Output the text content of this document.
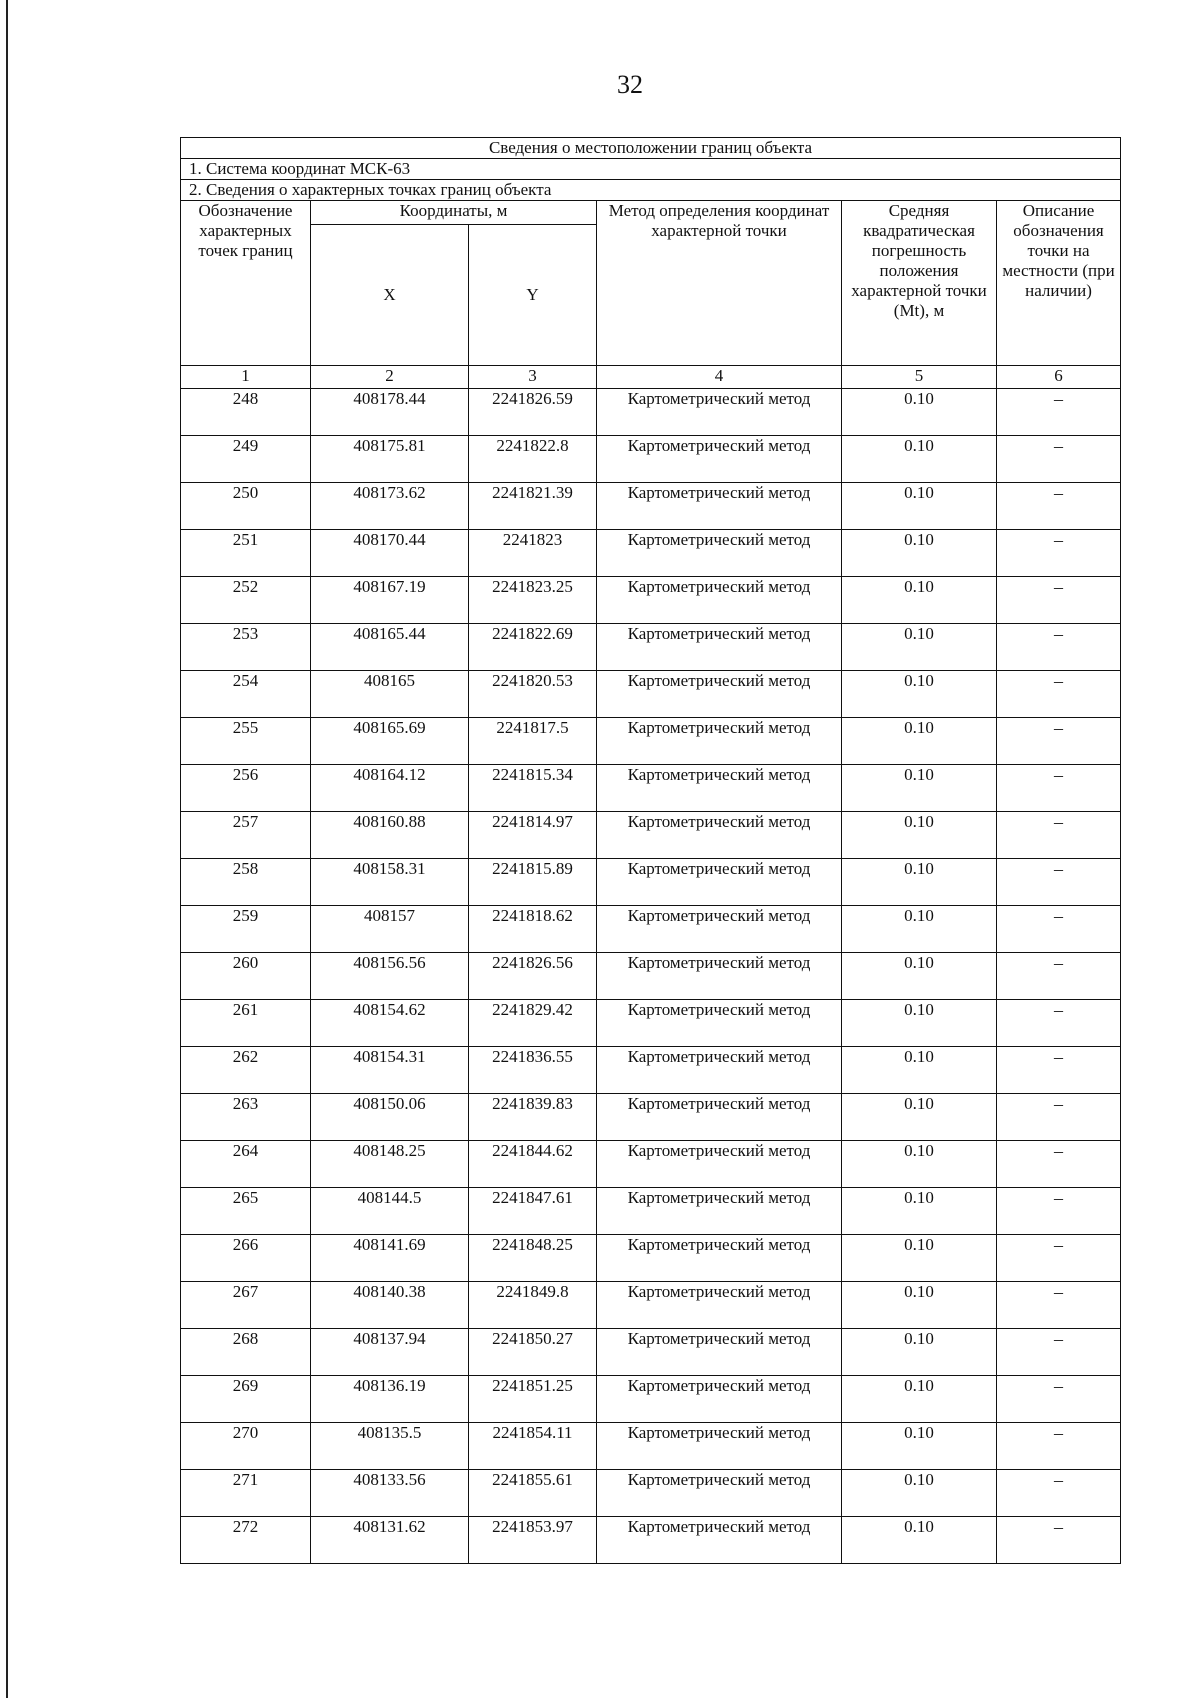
32
Сведения о местоположении границ объекта					
1. Система координат МСК-63					
2. Сведения о характерных точках границ объекта					
Обозначение характерных точек границ	Координаты, м		Метод определения координат характерной точки	Средняя квадратическая погрешность положения характерной точки (Mt), м	Описание обозначения точки на местности (при наличии)
	X	Y			
1	2	3	4	5	6
248	408178.44	2241826.59	Картометрический метод	0.10	–
249	408175.81	2241822.8	Картометрический метод	0.10	–
250	408173.62	2241821.39	Картометрический метод	0.10	–
251	408170.44	2241823	Картометрический метод	0.10	–
252	408167.19	2241823.25	Картометрический метод	0.10	–
253	408165.44	2241822.69	Картометрический метод	0.10	–
254	408165	2241820.53	Картометрический метод	0.10	–
255	408165.69	2241817.5	Картометрический метод	0.10	–
256	408164.12	2241815.34	Картометрический метод	0.10	–
257	408160.88	2241814.97	Картометрический метод	0.10	–
258	408158.31	2241815.89	Картометрический метод	0.10	–
259	408157	2241818.62	Картометрический метод	0.10	–
260	408156.56	2241826.56	Картометрический метод	0.10	–
261	408154.62	2241829.42	Картометрический метод	0.10	–
262	408154.31	2241836.55	Картометрический метод	0.10	–
263	408150.06	2241839.83	Картометрический метод	0.10	–
264	408148.25	2241844.62	Картометрический метод	0.10	–
265	408144.5	2241847.61	Картометрический метод	0.10	–
266	408141.69	2241848.25	Картометрический метод	0.10	–
267	408140.38	2241849.8	Картометрический метод	0.10	–
268	408137.94	2241850.27	Картометрический метод	0.10	–
269	408136.19	2241851.25	Картометрический метод	0.10	–
270	408135.5	2241854.11	Картометрический метод	0.10	–
271	408133.56	2241855.61	Картометрический метод	0.10	–
272	408131.62	2241853.97	Картометрический метод	0.10	–
